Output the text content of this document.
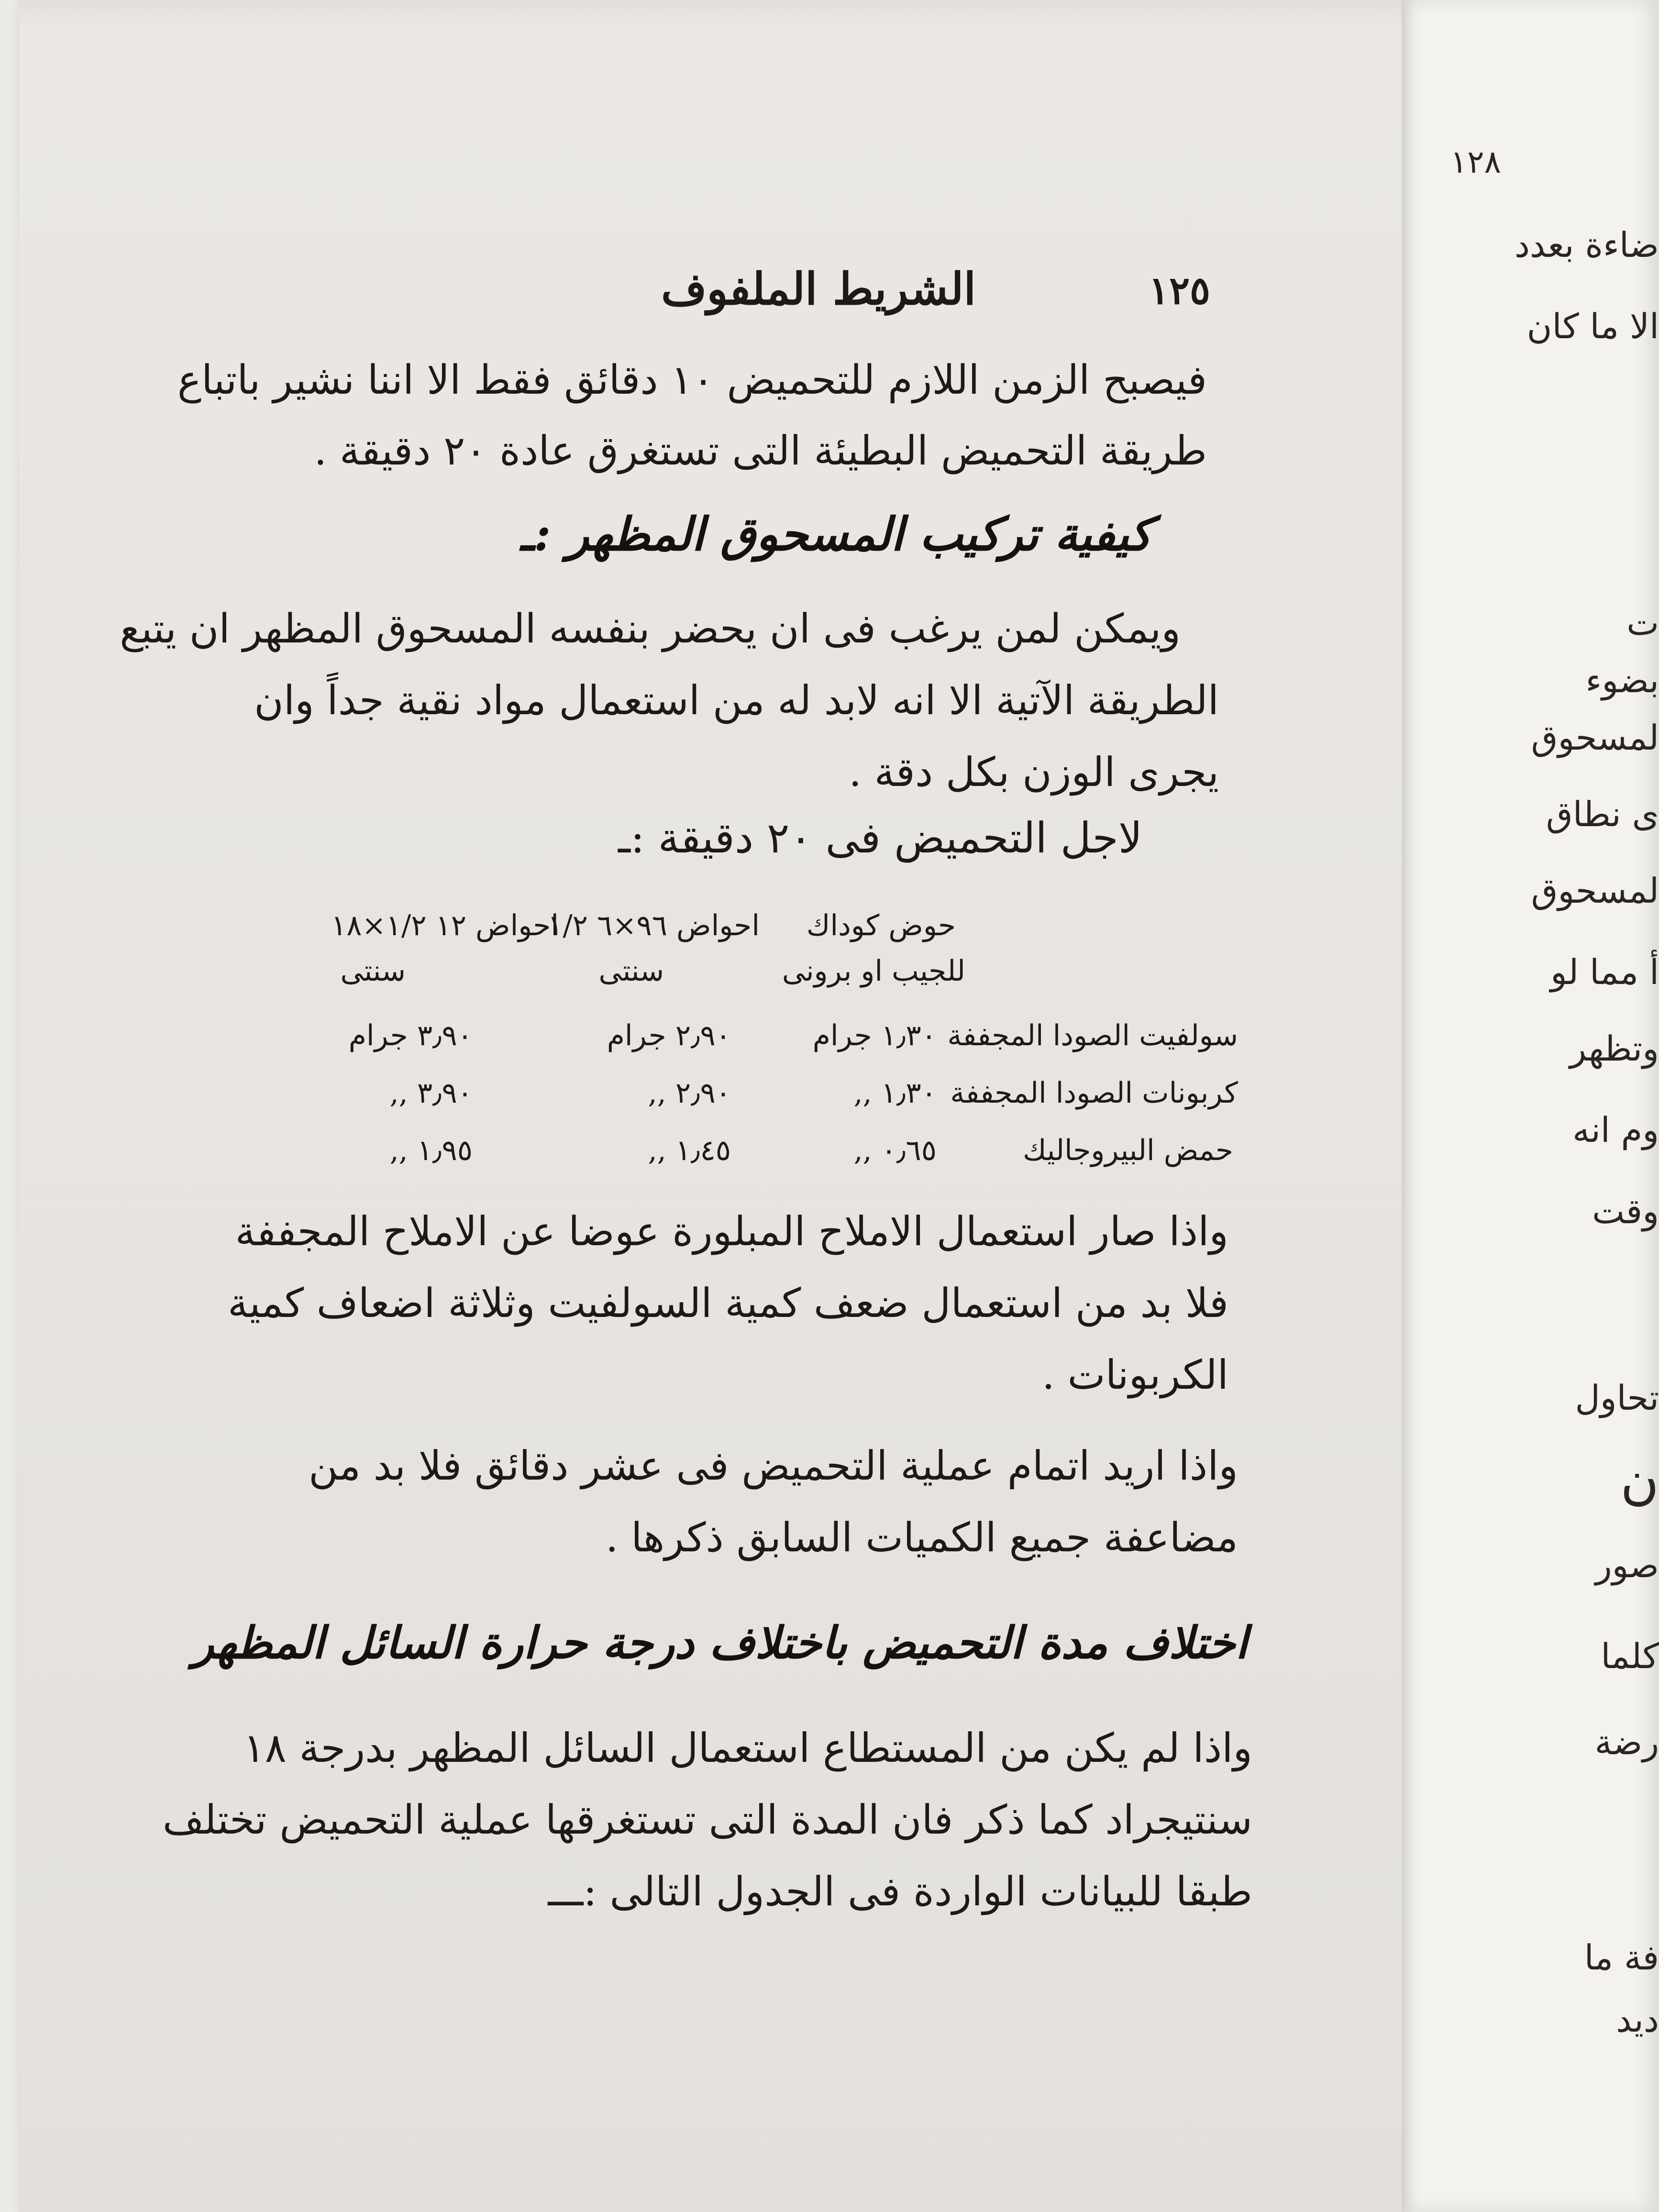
١٢٨
ضاءة بعدد
الا ما كان
ت
بضوء
لمسحوق
ى نطاق
لمسحوق
أ مما لو
وتظهر
وم انه
وقت
تحاول
ن
صور
كلما
رضة
فة ما
ديد
١٢٥
الشريط الملفوف
فيصبح الزمن اللازم للتحميض ١٠ دقائق فقط الا اننا نشير باتباع
طريقة التحميض البطيئة التى تستغرق عادة ٢٠ دقيقة .
كيفية تركيب المسحوق المظهر :ـ
ويمكن لمن يرغب فى ان يحضر بنفسه المسحوق المظهر ان يتبع
الطريقة الآتية الا انه لابد له من استعمال مواد نقية جداً وان
يجرى الوزن بكل دقة .
لاجل التحميض فى ٢٠ دقيقة :ـ
حوض كوداك
للجيب او برونى
احواض ٩٦×٦ ١/٢
سنتى
احواض ١٢ ١/٢×١٨
سنتى
سولفيت الصودا المجففة
١٫٣٠ جرام
٢٫٩٠ جرام
٣٫٩٠ جرام
كربونات الصودا المجففة
١٫٣٠ ,,
٢٫٩٠ ,,
٣٫٩٠ ,,
حمض البيروجاليك
٠٫٦٥ ,,
١٫٤٥ ,,
١٫٩٥ ,,
واذا صار استعمال الاملاح المبلورة عوضا عن الاملاح المجففة
فلا بد من استعمال ضعف كمية السولفيت وثلاثة اضعاف كمية
الكربونات .
واذا اريد اتمام عملية التحميض فى عشر دقائق فلا بد من
مضاعفة جميع الكميات السابق ذكرها .
اختلاف مدة التحميض باختلاف درجة حرارة السائل المظهر
واذا لم يكن من المستطاع استعمال السائل المظهر بدرجة ١٨
سنتيجراد كما ذكر فان المدة التى تستغرقها عملية التحميض تختلف
طبقا للبيانات الواردة فى الجدول التالى :ـــ
